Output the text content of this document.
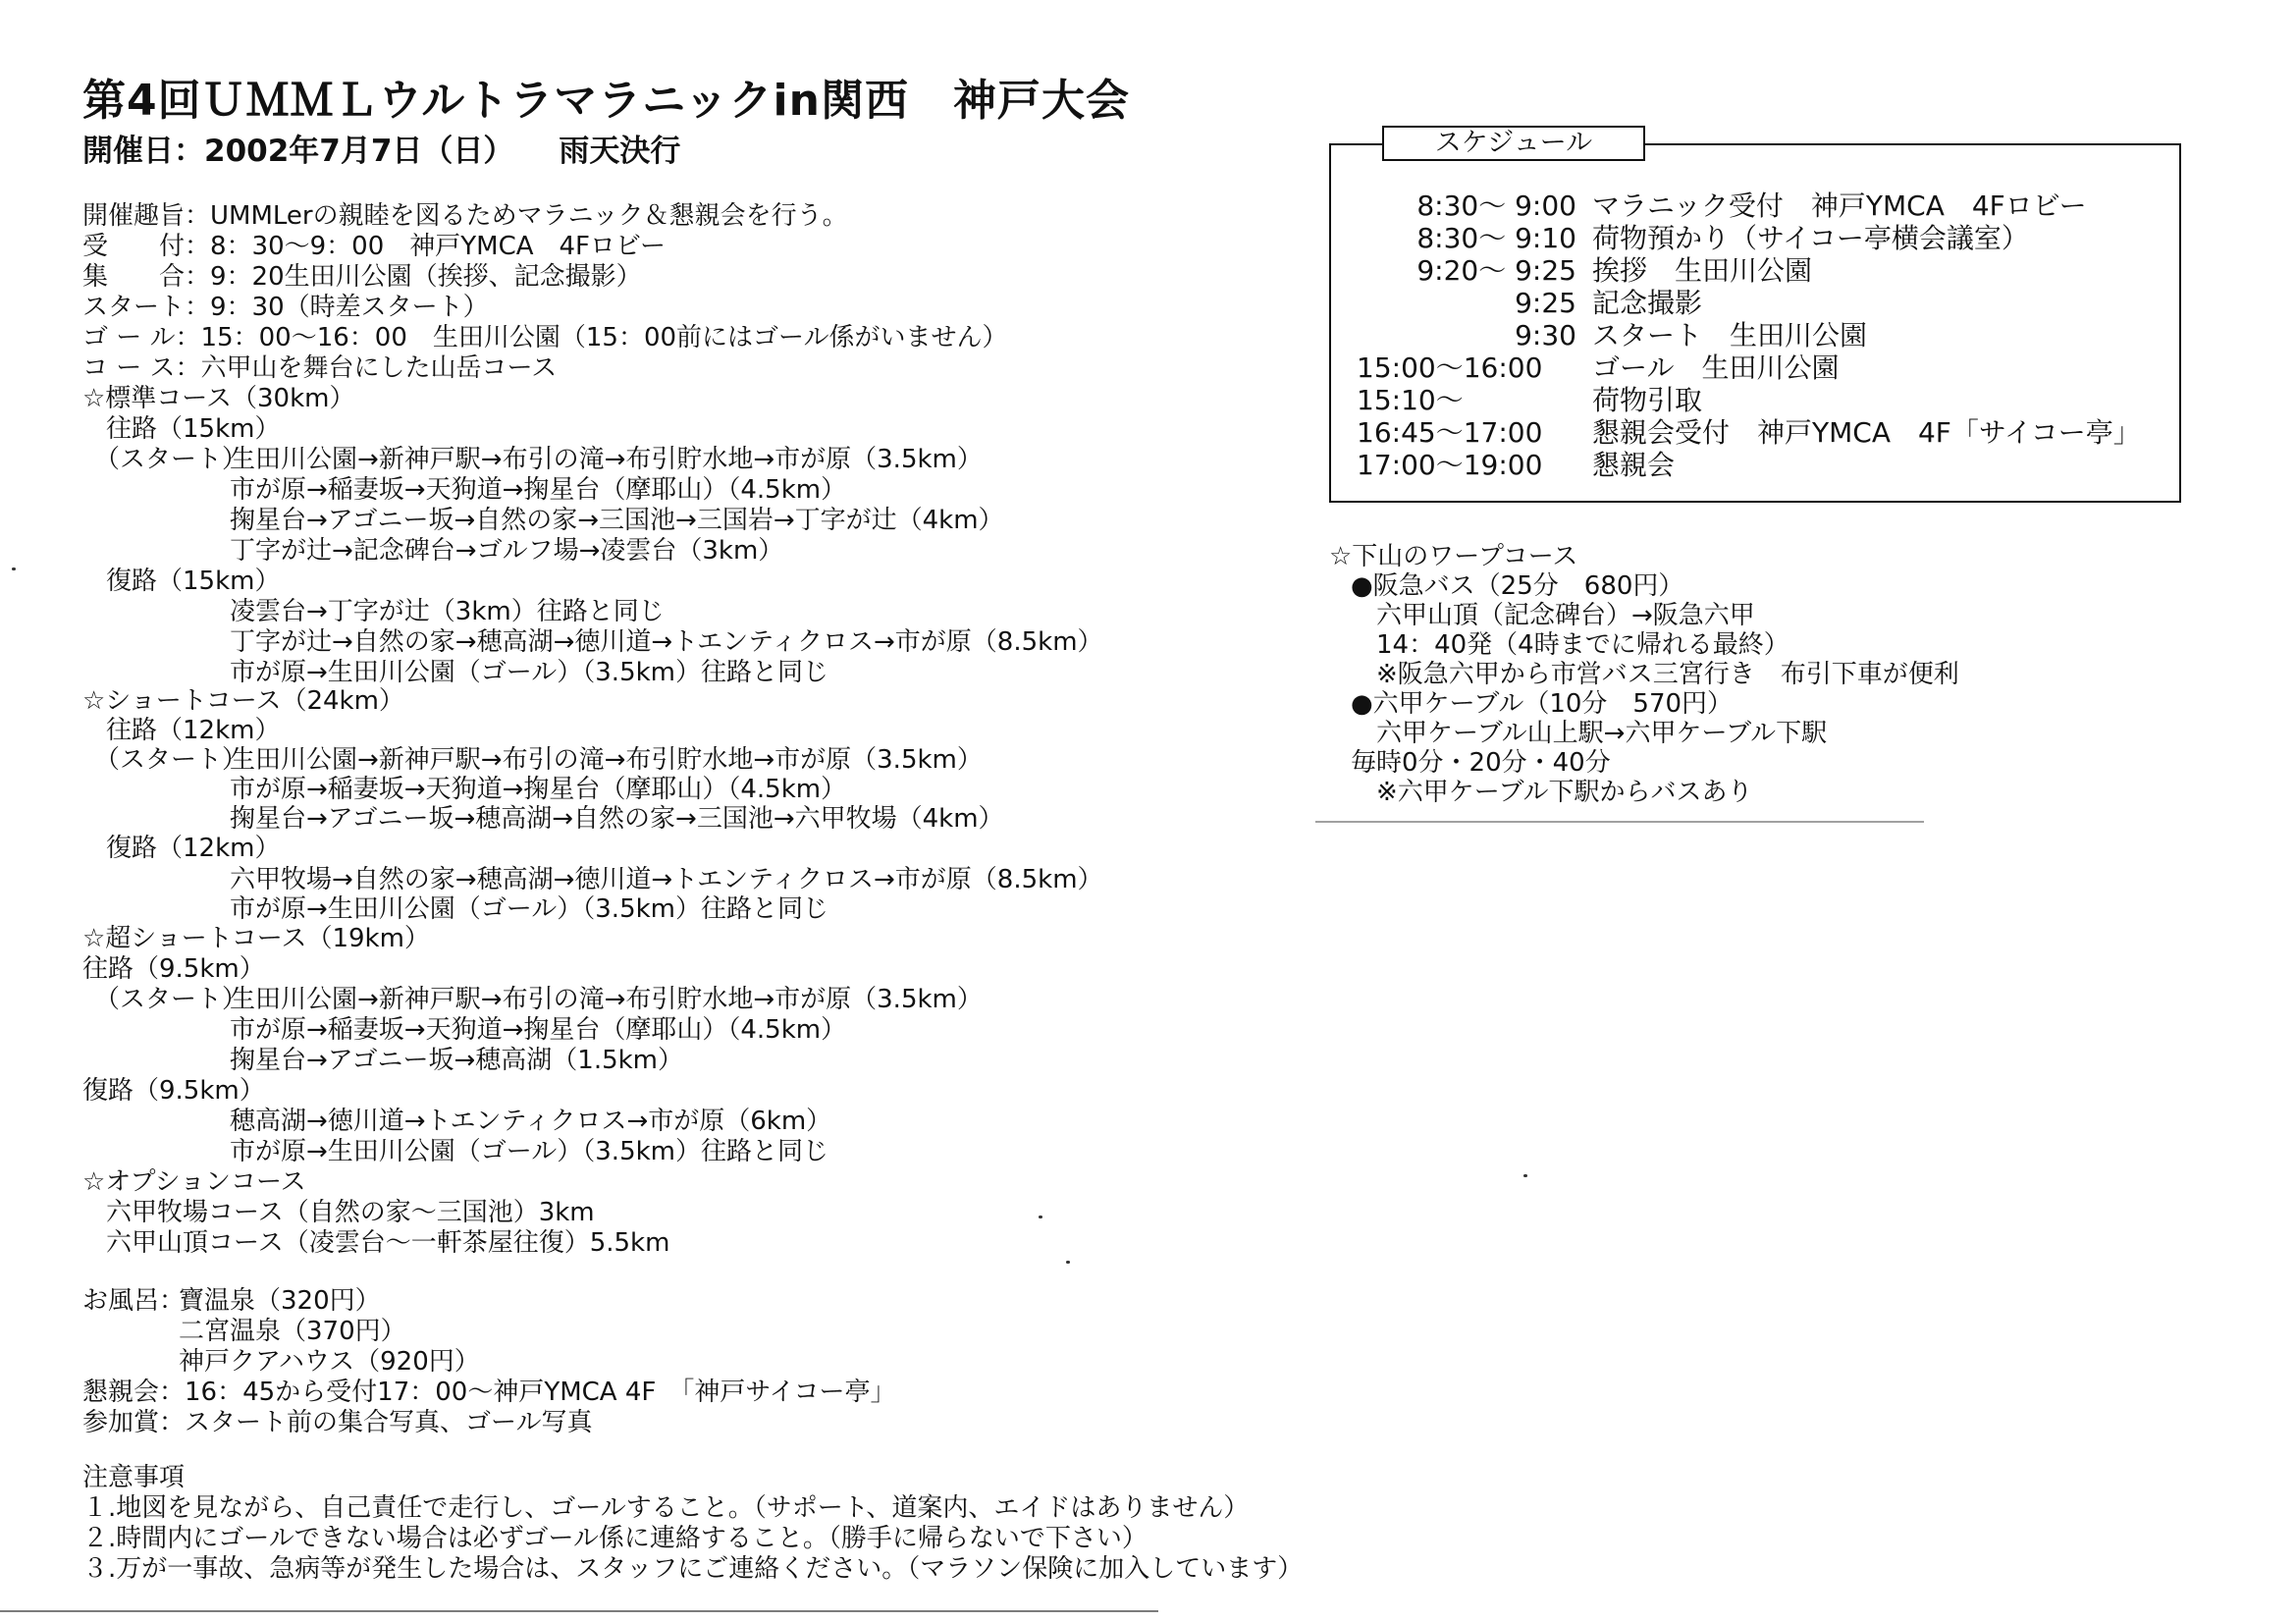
第4回ＵＭＭＬウルトラマラニックin関西　神戸大会
開催日：2002年7月7日（日） 雨天決行
開催趣旨：UMMLerの親睦を図るためマラニック＆懇親会を行う。
受　　付：8：30〜9：00　神戸YMCA　4Fロビー
集　　合：9：20生田川公園（挨拶、記念撮影）
スタート：9：30（時差スタート）
ゴ ー ル：15：00〜16：00　生田川公園（15：00前にはゴール係がいません）
コ ー ス：六甲山を舞台にした山岳コース
☆標準コース（30km）
往路（15km）
（スタート）
生田川公園→新神戸駅→布引の滝→布引貯水地→市が原（3.5km）
市が原→稲妻坂→天狗道→掬星台（摩耶山）（4.5km）
掬星台→アゴニー坂→自然の家→三国池→三国岩→丁字が辻（4km）
丁字が辻→記念碑台→ゴルフ場→凌雲台（3km）
復路（15km）
凌雲台→丁字が辻（3km）往路と同じ
丁字が辻→自然の家→穂高湖→徳川道→トエンティクロス→市が原（8.5km）
市が原→生田川公園（ゴール）（3.5km）往路と同じ
☆ショートコース（24km）
往路（12km）
（スタート）
生田川公園→新神戸駅→布引の滝→布引貯水地→市が原（3.5km）
市が原→稲妻坂→天狗道→掬星台（摩耶山）（4.5km）
掬星台→アゴニー坂→穂高湖→自然の家→三国池→六甲牧場（4km）
復路（12km）
六甲牧場→自然の家→穂高湖→徳川道→トエンティクロス→市が原（8.5km）
市が原→生田川公園（ゴール）（3.5km）往路と同じ
☆超ショートコース（19km）
往路（9.5km）
（スタート）
生田川公園→新神戸駅→布引の滝→布引貯水地→市が原（3.5km）
市が原→稲妻坂→天狗道→掬星台（摩耶山）（4.5km）
掬星台→アゴニー坂→穂高湖（1.5km）
復路（9.5km）
穂高湖→徳川道→トエンティクロス→市が原（6km）
市が原→生田川公園（ゴール）（3.5km）往路と同じ
☆オプションコース
六甲牧場コース（自然の家〜三国池）3km
六甲山頂コース（凌雲台〜一軒茶屋往復）5.5km
お風呂：
寶温泉（320円）
二宮温泉（370円）
神戸クアハウス（920円）
懇親会：16：45から受付17：00〜神戸YMCA 4F　「神戸サイコー亭」
参加賞：スタート前の集合写真、ゴール写真
注意事項
１.地図を見ながら、自己責任で走行し、ゴールすること。（サポート、道案内、エイドはありません）
２.時間内にゴールできない場合は必ずゴール係に連絡すること。（勝手に帰らないで下さい）
３.万が一事故、急病等が発生した場合は、スタッフにご連絡ください。（マラソン保険に加入しています）
スケジュール
8:30〜 9:00 マラニック受付　神戸YMCA　4Fロビー
8:30〜 9:10 荷物預かり（サイコー亭横会議室）
9:20〜 9:25 挨拶　生田川公園
9:25 記念撮影
9:30 スタート　生田川公園
15:00〜16:00	ゴール　生田川公園
15:10〜	荷物引取
16:45〜17:00	懇親会受付　神戸YMCA　4F「サイコー亭」
17:00〜19:00	懇親会
☆下山のワープコース
●阪急バス（25分　680円）
六甲山頂（記念碑台）→阪急六甲
14：40発（4時までに帰れる最終）
※阪急六甲から市営バス三宮行き　布引下車が便利
●六甲ケーブル（10分　570円）
六甲ケーブル山上駅→六甲ケーブル下駅
毎時0分・20分・40分
※六甲ケーブル下駅からバスあり
